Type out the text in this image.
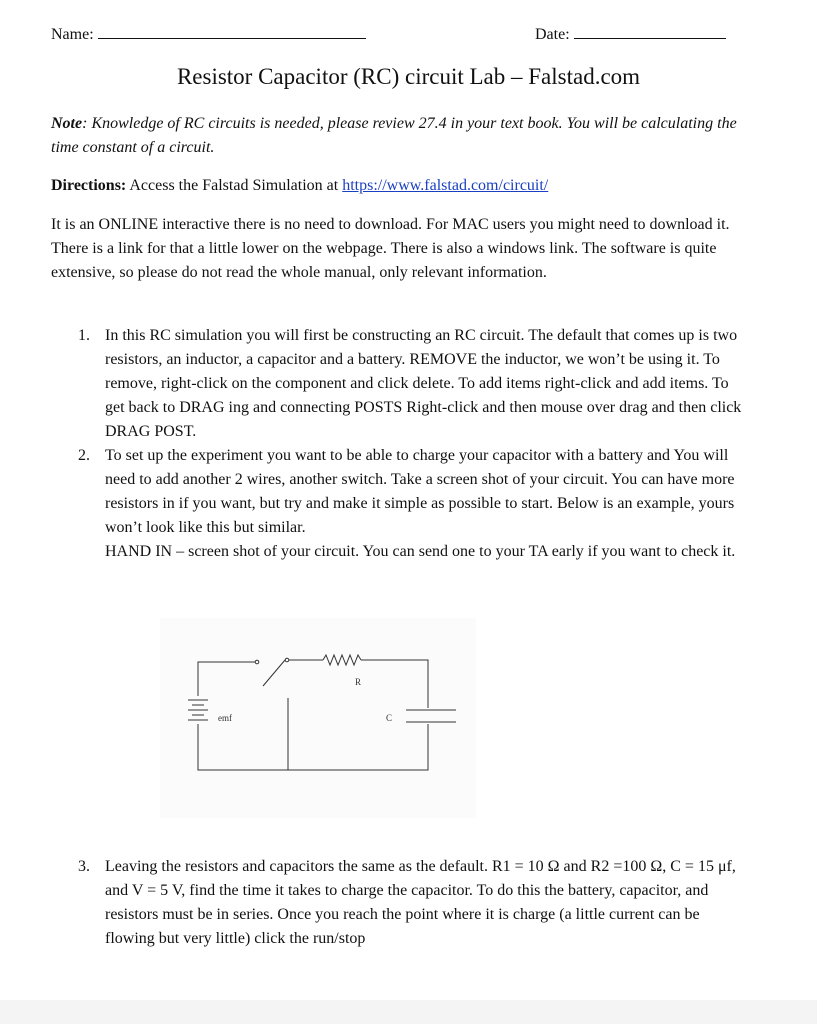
Name:	Date:
Resistor Capacitor (RC) circuit Lab – Falstad.com

Note: Knowledge of RC circuits is needed, please review 27.4 in your text book. You will be calculating the time constant of a circuit.

Directions: Access the Falstad Simulation at https://www.falstad.com/circuit/

It is an ONLINE interactive there is no need to download. For MAC users you might need to download it. There is a link for that a little lower on the webpage. There is also a windows link. The software is quite extensive, so please do not read the whole manual, only relevant information.

1. In this RC simulation you will first be constructing an RC circuit. The default that comes up is two resistors, an inductor, a capacitor and a battery. REMOVE the inductor, we won’t be using it. To remove, right-click on the component and click delete. To add items right-click and add items. To get back to DRAG ing and connecting POSTS Right-click and then mouse over drag and then click DRAG POST.
2. To set up the experiment you want to be able to charge your capacitor with a battery and You will need to add another 2 wires, another switch. Take a screen shot of your circuit. You can have more resistors in if you want, but try and make it simple as possible to start. Below is an example, yours won’t look like this but similar.
HAND IN – screen shot of your circuit. You can send one to your TA early if you want to check it.
R
C
emf
3. Leaving the resistors and capacitors the same as the default. R1 = 10 Ω and R2 =100 Ω, C = 15 μf, and V = 5 V, find the time it takes to charge the capacitor. To do this the battery, capacitor, and resistors must be in series. Once you reach the point where it is charge (a little current can be flowing but very little) click the run/stop
